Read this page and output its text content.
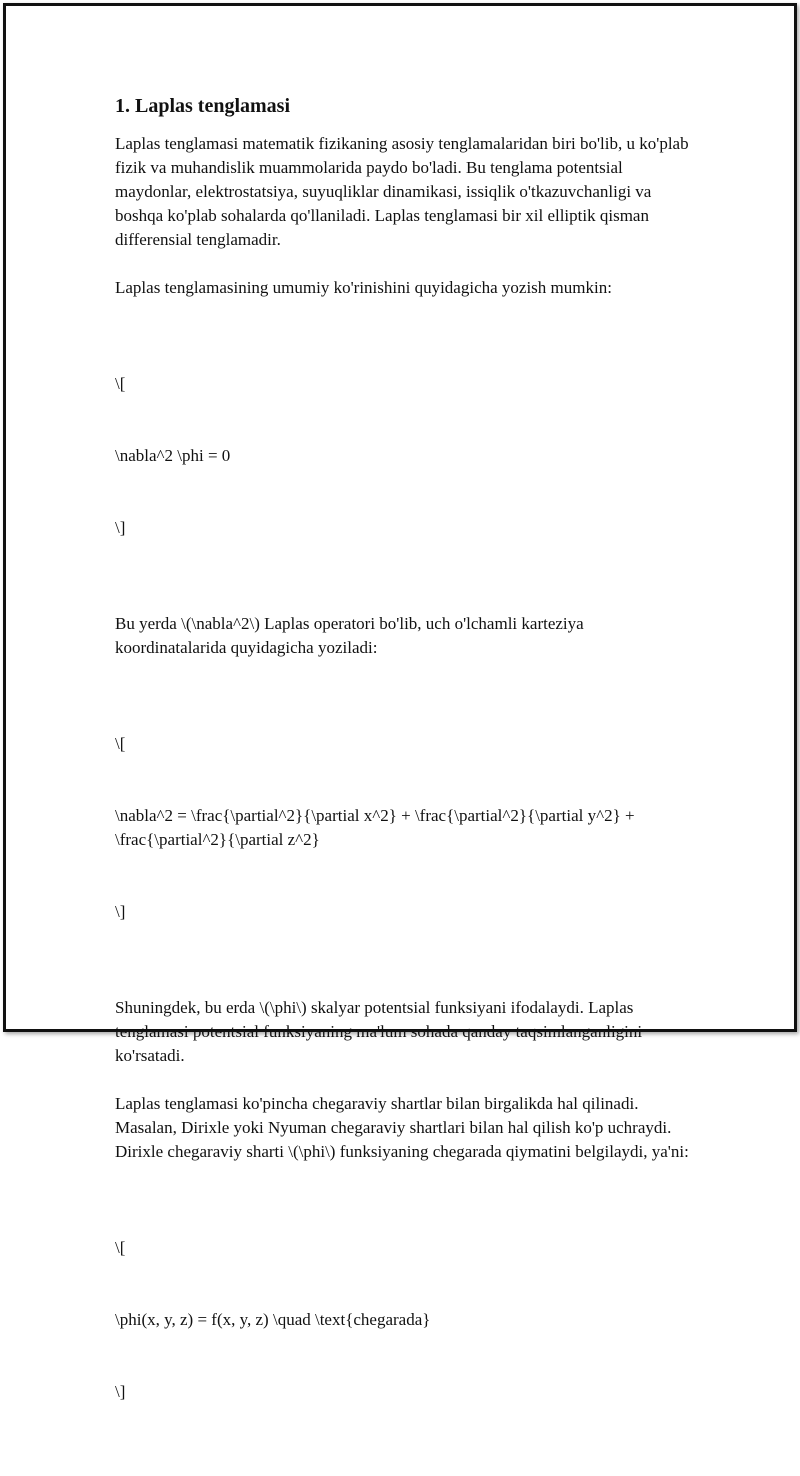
1. Laplas tenglamasi

Laplas tenglamasi matematik fizikaning asosiy tenglamalaridan biri bo'lib, u ko'plab fizik va muhandislik muammolarida paydo bo'ladi. Bu tenglama potentsial maydonlar, elektrostatsiya, suyuqliklar dinamikasi, issiqlik o'tkazuvchanligi va boshqa ko'plab sohalarda qo'llaniladi. Laplas tenglamasi bir xil elliptik qisman differensial tenglamadir.

Laplas tenglamasining umumiy ko'rinishini quyidagicha yozish mumkin:

\[

\nabla^2 \phi = 0

\]

Bu yerda \(\nabla^2\) Laplas operatori bo'lib, uch o'lchamli karteziya koordinatalarida quyidagicha yoziladi:

\[

\nabla^2 = \frac{\partial^2}{\partial x^2} + \frac{\partial^2}{\partial y^2} + \frac{\partial^2}{\partial z^2}

\]

Shuningdek, bu erda \(\phi\) skalyar potentsial funksiyani ifodalaydi. Laplas tenglamasi potentsial funksiyaning ma'lum sohada qanday taqsimlanganligini ko'rsatadi.

Laplas tenglamasi ko'pincha chegaraviy shartlar bilan birgalikda hal qilinadi. Masalan, Dirixle yoki Nyuman chegaraviy shartlari bilan hal qilish ko'p uchraydi. Dirixle chegaraviy sharti \(\phi\) funksiyaning chegarada qiymatini belgilaydi, ya'ni:

\[

\phi(x, y, z) = f(x, y, z) \quad \text{chegarada}

\]
